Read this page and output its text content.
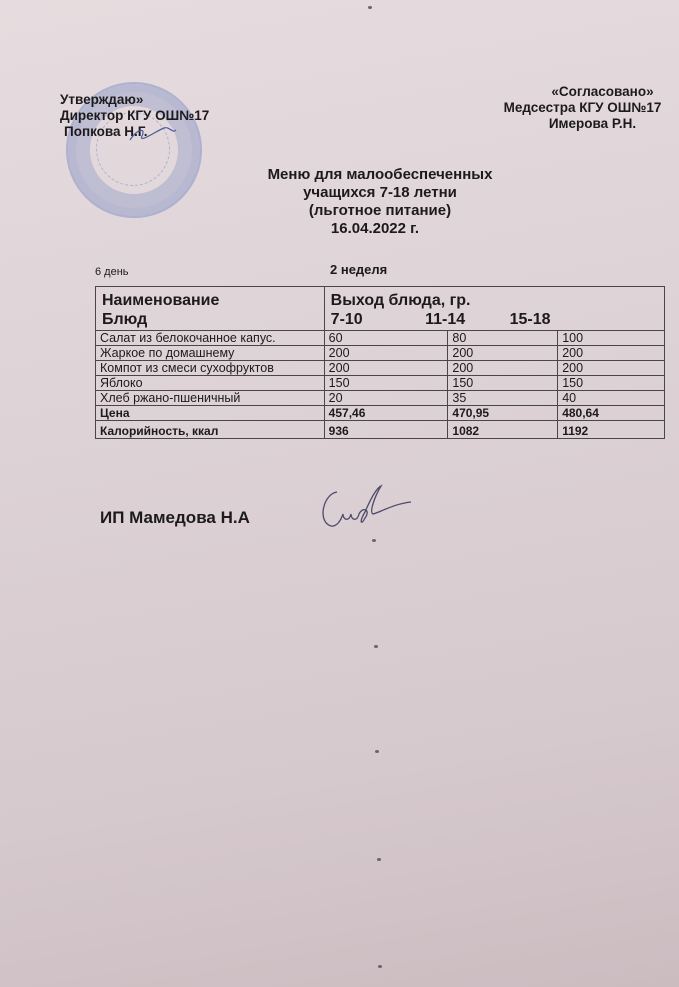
Утверждаю»
Директор КГУ ОШ№17
Попкова Н.Г.
«Согласовано»
Медсестра КГУ ОШ№17
Имерова Р.Н.
Меню для малообеспеченных
учащихся 7-18 летни
(льготное питание)
16.04.2022 г.
6 день	2 неделя
Наименование
Блюд

Выход блюда, гр.
7-10	11-14	15-18

Салат из белокочанное капус.	60	80	100
Жаркое по домашнему	200	200	200
Компот из смеси сухофруктов	200	200	200
Яблоко	150	150	150
Хлеб ржано-пшеничный	20	35	40
Цена	457,46	470,95	480,64
Калорийность, ккал	936	1082	1192
ИП Мамедова Н.А
